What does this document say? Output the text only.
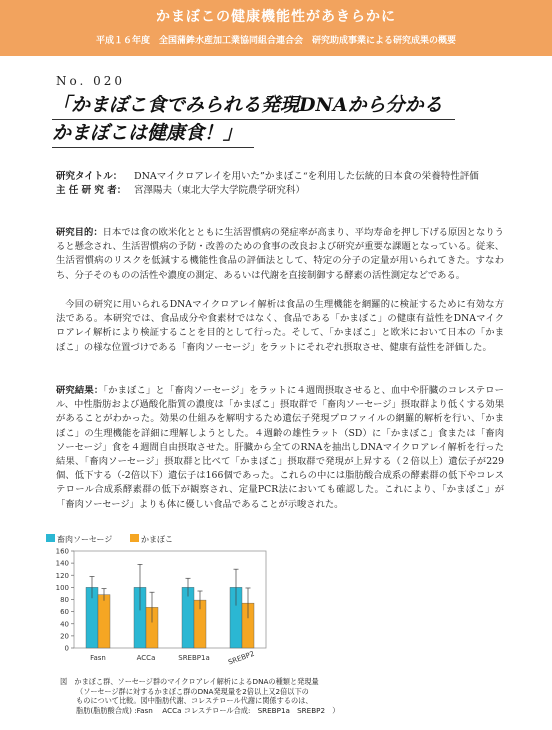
かまぼこの健康機能性があきらかに
平成１６年度　全国蒲鉾水産加工業協同組合連合会　研究助成事業による研究成果の概要
No. 020
「かまぼこ食でみられる発現DNAから分かる
かまぼこは健康食！」
研究タイトル：	DNAマイクロアレイを用いた”かまぼこ“を利用した伝統的日本食の栄養特性評価
主 任 研 究 者： 宮澤陽夫（東北大学大学院農学研究科）
研究目的：日本では食の欧米化とともに生活習慣病の発症率が高まり、平均寿命を押し下げる原因となりうると懸念され、生活習慣病の予防・改善のための食事の改良および研究が重要な課題となっている。従来、生活習慣病のリスクを低減する機能性食品の評価法として、特定の分子の定量が用いられてきた。すなわち、分子そのものの活性や濃度の測定、あるいは代謝を直接制御する酵素の活性測定などである。
今回の研究に用いられるDNAマイクロアレイ解析は食品の生理機能を網羅的に検証するために有効な方法である。本研究では、食品成分や食素材ではなく、食品である「かまぼこ」の健康有益性をDNAマイクロアレイ解析により検証することを目的として行った。そして、「かまぼこ」と欧米において日本の「かまぼこ」の様な位置づけである「畜肉ソーセージ」をラットにそれぞれ摂取させ、健康有益性を評価した。
研究結果：「かまぼこ」と「畜肉ソーセージ」をラットに４週間摂取させると、血中や肝臓のコレステロール、中性脂肪および過酸化脂質の濃度は「かまぼこ」摂取群で「畜肉ソーセージ」摂取群より低くする効果があることがわかった。効果の仕組みを解明するため遺伝子発現プロファイルの網羅的解析を行い、「かまぼこ」の生理機能を詳細に理解しようとした。４週齢の雄性ラット（SD）に「かまぼこ」食または「畜肉ソーセージ」食を４週間自由摂取させた。肝臓から全てのRNAを抽出しDNAマイクロアレイ解析を行った結果、「畜肉ソーセージ」摂取群と比べて「かまぼこ」摂取群で発現が上昇する（２倍以上）遺伝子が229個、低下する（-2倍以下）遺伝子は166個であった。これらの中には脂肪酸合成系の酵素群の低下やコレステロール合成系酵素群の低下が観察され、定量PCR法においても確認した。これにより、「かまぼこ」が「畜肉ソーセージ」よりも体に優しい食品であることが示唆された。
畜肉ソーセージ	かまぼこ
0
20
40
60
80
100
120
140
160
Fasn	ACCa	SREBP1a SREBP2
図　かまぼこ群、ソーセージ群のマイクロアレイ解析によるDNAの種類と発現量
（ソーセージ群に対するかまぼこ群のDNA発現量を2倍以上又2倍以下の
ものについて比較。図中脂肪代謝、コレステロール代謝に関係するのは、
脂肪(脂肪酸合成) :Fasn　 ACCa コレステロール合成:　SREBP1a　SREBP2　）
